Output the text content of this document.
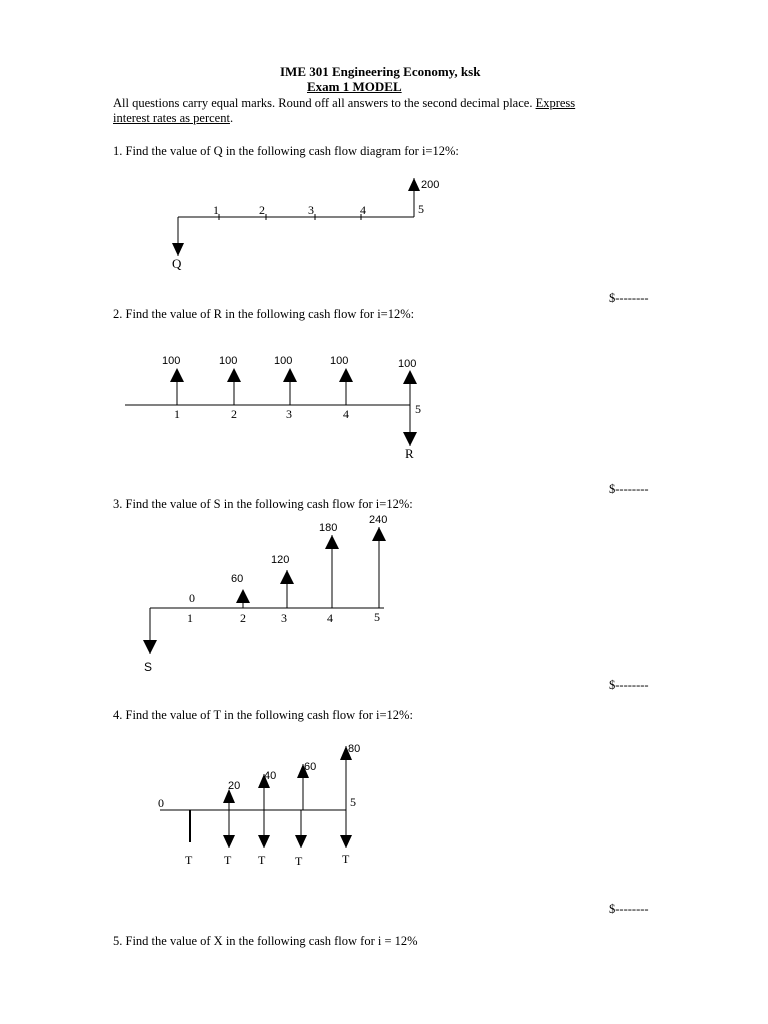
IME 301 Engineering Economy, ksk
Exam 1 MODEL
All questions carry equal marks. Round off all answers to the second decimal place. Express
interest rates as percent.
1. Find the value of Q in the following cash flow diagram for i=12%:
$--------
2. Find the value of R in the following cash flow for i=12%:
$--------
3. Find the value of S in the following cash flow for i=12%:
$--------
4. Find the value of T in the following cash flow for i=12%:
$--------
5. Find the value of X in the following cash flow for i = 12%
1	2	3	4	5
200
Q
100	100	100	100	100
1	2	3	4	5
R
0
1	2	3	4	5
60
120
180
240
S
0	5
20
40
60
80
T	T T T	T
